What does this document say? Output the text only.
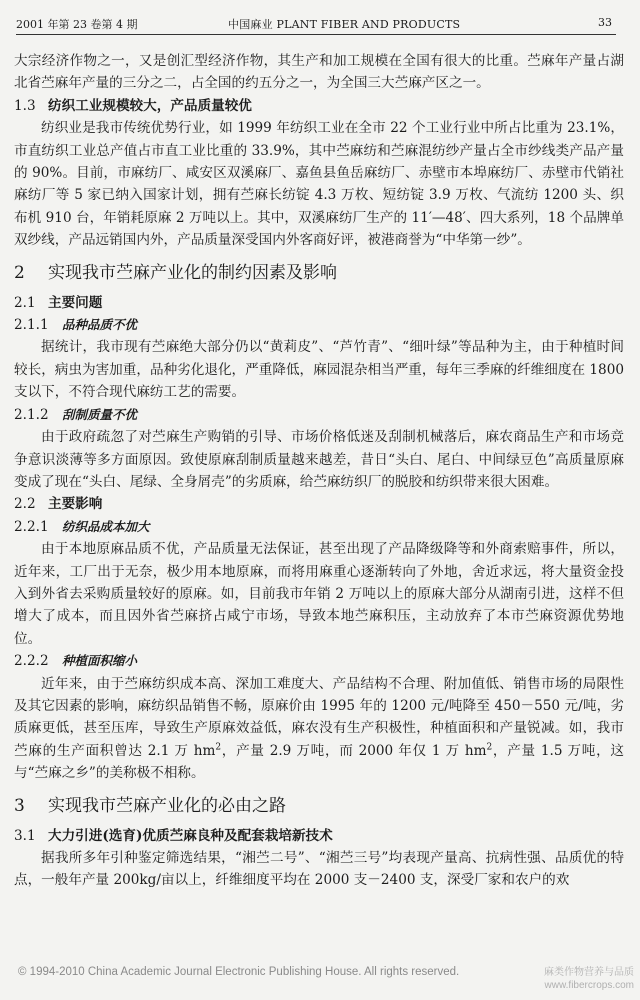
2001 年第 23 卷第 4 期	中国麻业 PLANT FIBER AND PRODUCTS	33

大宗经济作物之一，又是创汇型经济作物，其生产和加工规模在全国有很大的比重。苎麻年产量占湖北省苎麻年产量的三分之二，占全国的约五分之一，为全国三大苎麻产区之一。

1.3 纺织工业规模较大，产品质量较优

纺织业是我市传统优势行业，如 1999 年纺织工业在全市 22 个工业行业中所占比重为 23.1%，市直纺织工业总产值占市直工业比重的 33.9%，其中苎麻纺和苎麻混纺纱产量占全市纱线类产品产量的 90%。目前，市麻纺厂、咸安区双溪麻厂、嘉鱼县鱼岳麻纺厂、赤壁市本埠麻纺厂、赤壁市代销社麻纺厂等 5 家已纳入国家计划，拥有苎麻长纺锭 4.3 万枚、短纺锭 3.9 万枚、气流纺 1200 头、织布机 910 台，年销耗原麻 2 万吨以上。其中，双溪麻纺厂生产的 11′—48′、四大系列，18 个品牌单双纱线，产品远销国内外，产品质量深受国内外客商好评，被港商誉为“中华第一纱”。

2 实现我市苎麻产业化的制约因素及影响

2.1 主要问题

2.1.1 品种品质不优

据统计，我市现有苎麻绝大部分仍以“黄莉皮”、“芦竹青”、“细叶绿”等品种为主，由于种植时间较长，病虫为害加重，品种劣化退化，严重降低，麻园混杂相当严重，每年三季麻的纤维细度在 1800 支以下，不符合现代麻纺工艺的需要。

2.1.2 刮制质量不优

由于政府疏忽了对苎麻生产购销的引导、市场价格低迷及刮制机械落后，麻农商品生产和市场竞争意识淡薄等多方面原因。致使原麻刮制质量越来越差，昔日“头白、尾白、中间绿豆色”高质量原麻变成了现在“头白、尾绿、全身屑壳”的劣质麻，给苎麻纺织厂的脱胶和纺织带来很大困难。

2.2 主要影响

2.2.1 纺织品成本加大

由于本地原麻品质不优，产品质量无法保证，甚至出现了产品降级降等和外商索赔事件，所以，近年来，工厂出于无奈，极少用本地原麻，而将用麻重心逐渐转向了外地，舍近求远，将大量资金投入到外省去采购质量较好的原麻。如，目前我市年销 2 万吨以上的原麻大部分从湖南引进，这样不但增大了成本，而且因外省苎麻挤占咸宁市场，导致本地苎麻积压，主动放弃了本市苎麻资源优势地位。

2.2.2 种植面积缩小

近年来，由于苎麻纺织成本高、深加工难度大、产品结构不合理、附加值低、销售市场的局限性及其它因素的影响，麻纺织品销售不畅，原麻价由 1995 年的 1200 元/吨降至 450－550 元/吨，劣质麻更低，甚至压库，导致生产原麻效益低，麻农没有生产积极性，种植面积和产量锐减。如，我市苎麻的生产面积曾达 2.1 万 $hm^2$，产量 2.9 万吨，而 2000 年仅 1 万 $hm^2$，产量 1.5 万吨，这与“苎麻之乡”的美称极不相称。

3 实现我市苎麻产业化的必由之路

3.1 大力引进(选育)优质苎麻良种及配套栽培新技术

据我所多年引种鉴定筛选结果，“湘苎二号”、“湘苎三号”均表现产量高、抗病性强、品质优的特点，一般年产量 200kg/亩以上，纤维细度平均在 2000 支－2400 支，深受厂家和农户的欢

© 1994-2010 China Academic Journal Electronic Publishing House. All rights reserved.	麻类作物营养与品质
www.fibercrops.com
